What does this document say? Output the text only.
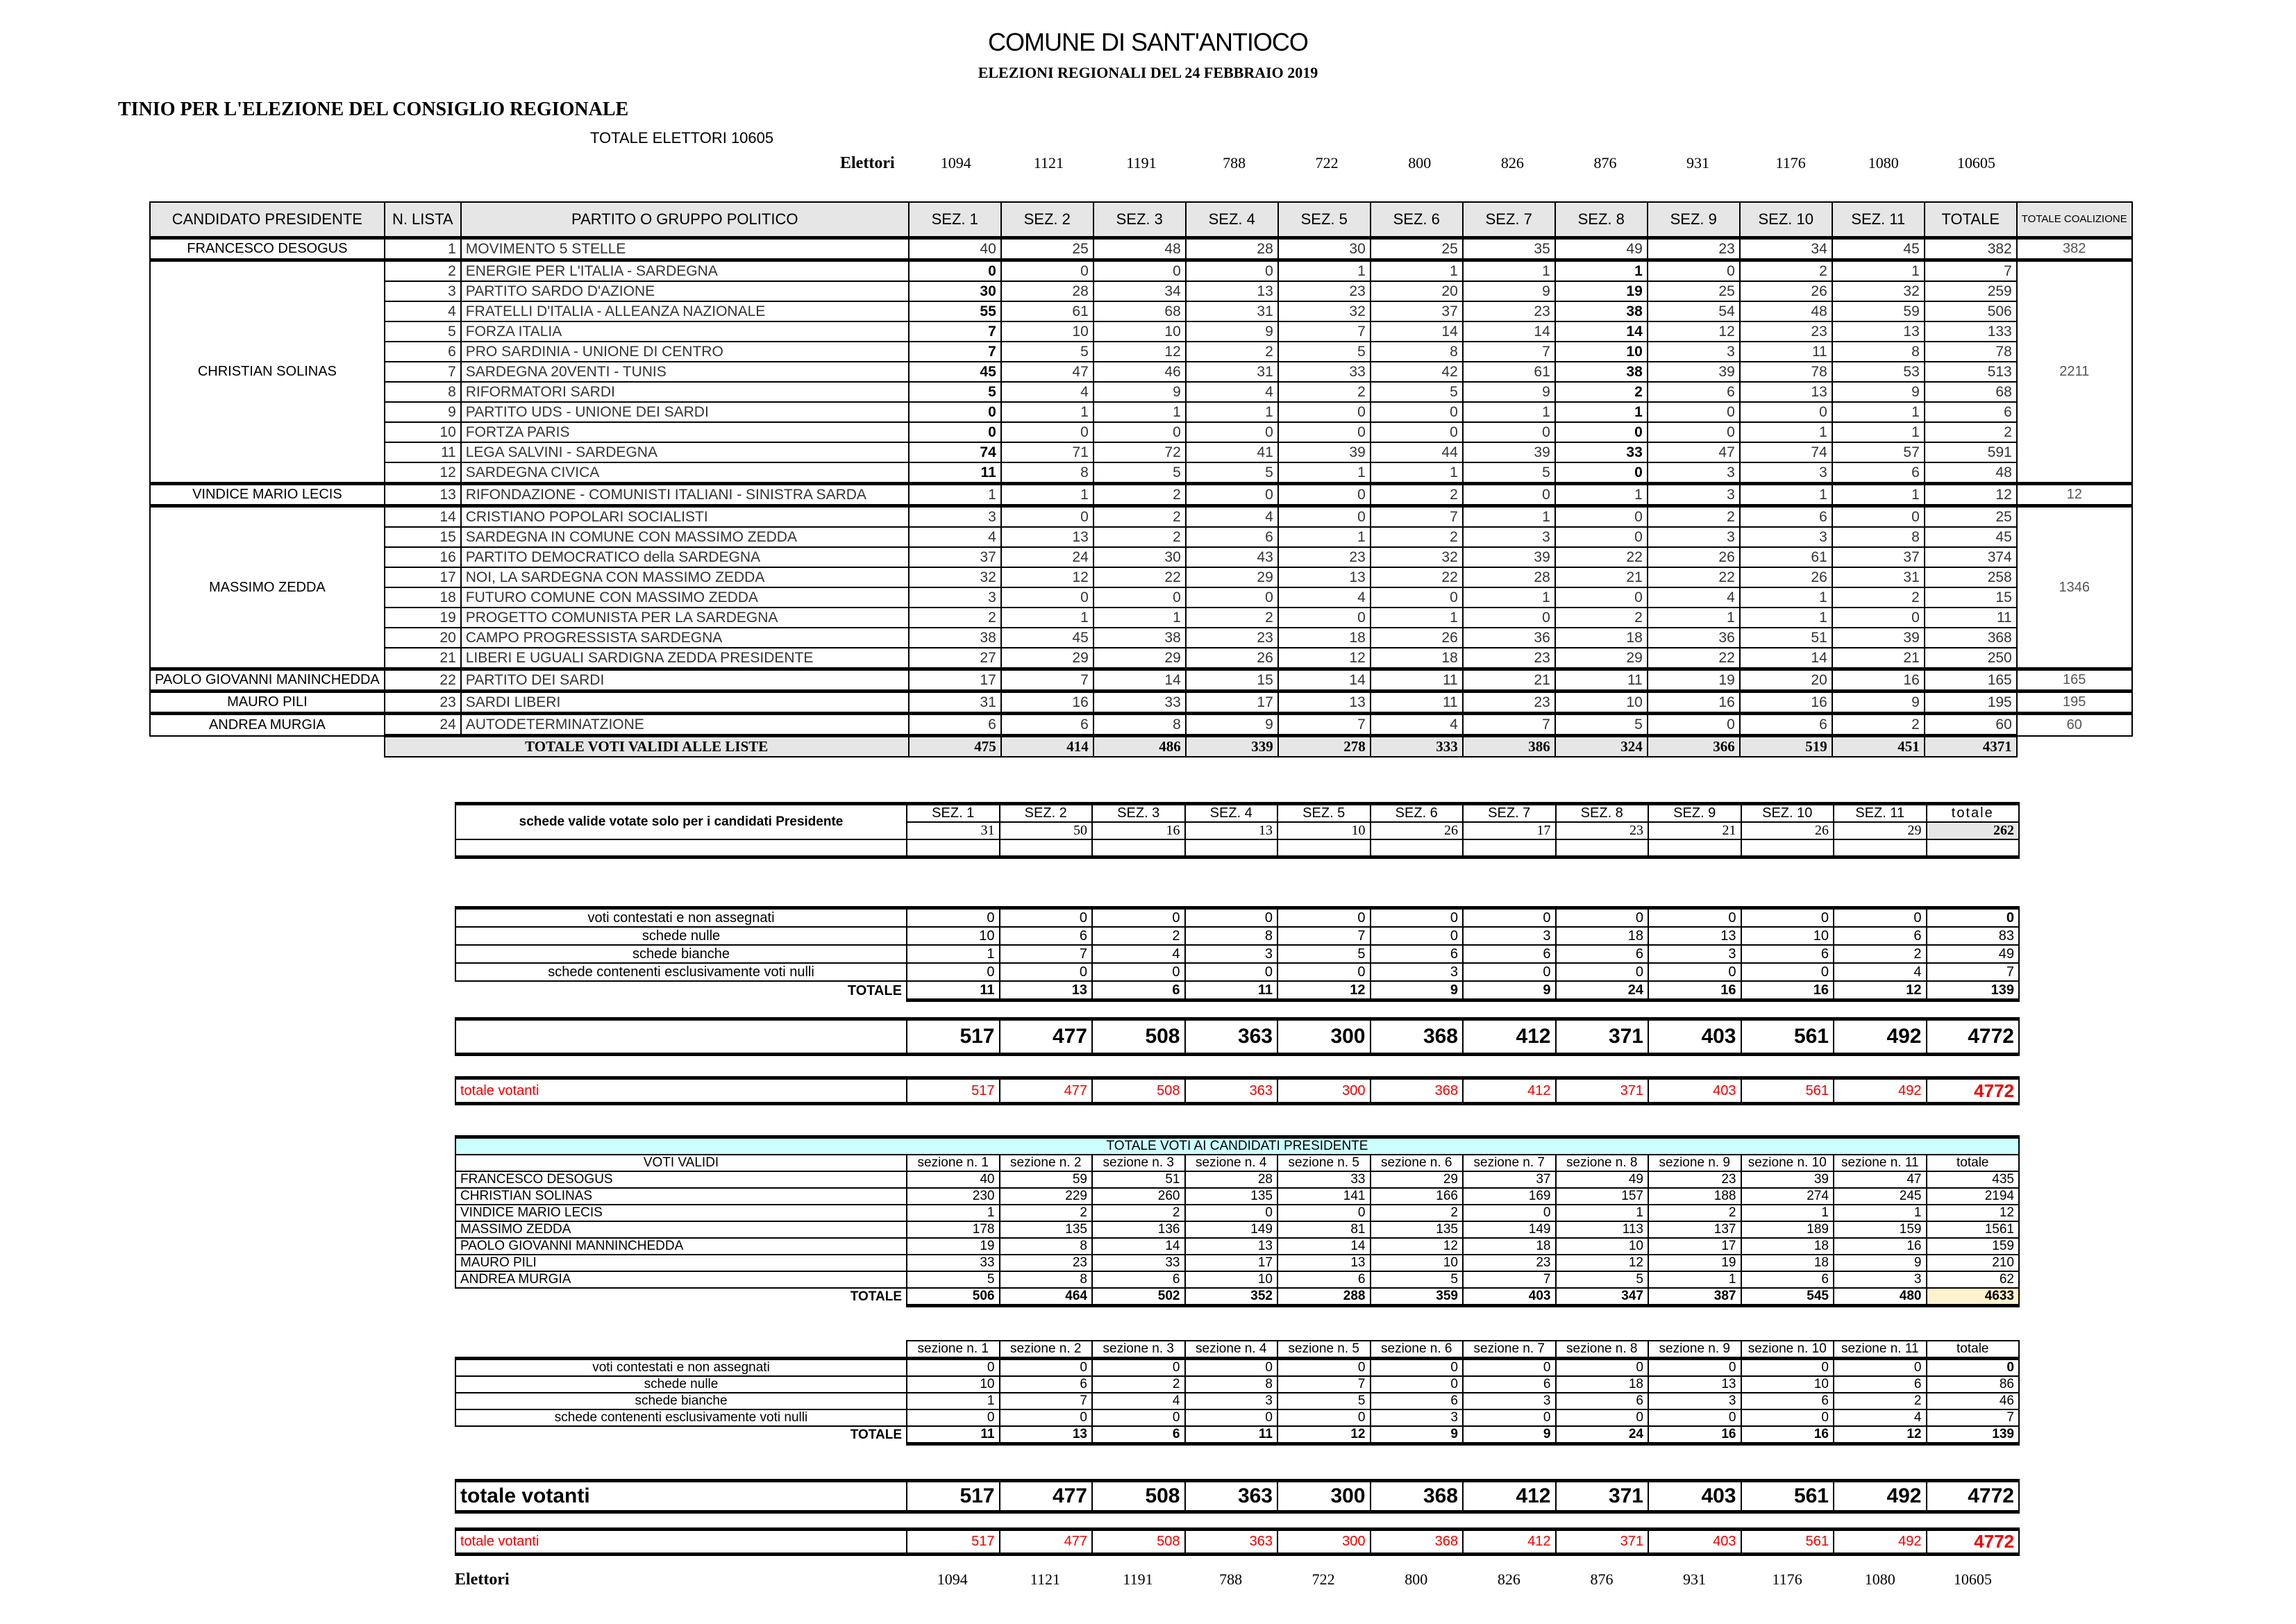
COMUNE DI SANT'ANTIOCO
ELEZIONI REGIONALI DEL 24 FEBBRAIO 2019
TINIO PER L'ELEZIONE DEL CONSIGLIO REGIONALE
TOTALE ELETTORI 10605
Elettori	1094	1121	1191	788	722	800	826	876	931	1176	1080	10605
CANDIDATO PRESIDENTE	N. LISTA	PARTITO O GRUPPO POLITICO	SEZ. 1	SEZ. 2	SEZ. 3	SEZ. 4	SEZ. 5	SEZ. 6	SEZ. 7	SEZ. 8	SEZ. 9	SEZ. 10	SEZ. 11	TOTALE	TOTALE COALIZIONE
FRANCESCO DESOGUS	1	MOVIMENTO 5 STELLE	40	25	48	28	30	25	35	49	23	34	45	382	382
CHRISTIAN SOLINAS	2	ENERGIE PER L'ITALIA - SARDEGNA	0	0	0	0	1	1	1	1	0	2	1	7	2211
	3	PARTITO SARDO D'AZIONE	30	28	34	13	23	20	9	19	25	26	32	259	
	4	FRATELLI D'ITALIA - ALLEANZA NAZIONALE	55	61	68	31	32	37	23	38	54	48	59	506	
	5	FORZA ITALIA	7	10	10	9	7	14	14	14	12	23	13	133	
	6	PRO SARDINIA - UNIONE DI CENTRO	7	5	12	2	5	8	7	10	3	11	8	78	
	7	SARDEGNA 20VENTI - TUNIS	45	47	46	31	33	42	61	38	39	78	53	513	
	8	RIFORMATORI SARDI	5	4	9	4	2	5	9	2	6	13	9	68	
	9	PARTITO UDS - UNIONE DEI SARDI	0	1	1	1	0	0	1	1	0	0	1	6	
	10	FORTZA PARIS	0	0	0	0	0	0	0	0	0	1	1	2	
	11	LEGA SALVINI - SARDEGNA	74	71	72	41	39	44	39	33	47	74	57	591	
	12	SARDEGNA CIVICA	11	8	5	5	1	1	5	0	3	3	6	48	
VINDICE MARIO LECIS	13	RIFONDAZIONE - COMUNISTI ITALIANI - SINISTRA SARDA	1	1	2	0	0	2	0	1	3	1	1	12	12
MASSIMO ZEDDA	14	CRISTIANO POPOLARI SOCIALISTI	3	0	2	4	0	7	1	0	2	6	0	25	1346
	15	SARDEGNA IN COMUNE CON MASSIMO ZEDDA	4	13	2	6	1	2	3	0	3	3	8	45	
	16	PARTITO DEMOCRATICO della SARDEGNA	37	24	30	43	23	32	39	22	26	61	37	374	
	17	NOI, LA SARDEGNA CON MASSIMO ZEDDA	32	12	22	29	13	22	28	21	22	26	31	258	
	18	FUTURO COMUNE CON MASSIMO ZEDDA	3	0	0	0	4	0	1	0	4	1	2	15	
	19	PROGETTO COMUNISTA PER LA SARDEGNA	2	1	1	2	0	1	0	2	1	1	0	11	
	20	CAMPO PROGRESSISTA SARDEGNA	38	45	38	23	18	26	36	18	36	51	39	368	
	21	LIBERI E UGUALI SARDIGNA ZEDDA PRESIDENTE	27	29	29	26	12	18	23	29	22	14	21	250	
PAOLO GIOVANNI MANINCHEDDA	22	PARTITO DEI SARDI	17	7	14	15	14	11	21	11	19	20	16	165	165
MAURO PILI	23	SARDI LIBERI	31	16	33	17	13	11	23	10	16	16	9	195	195
ANDREA MURGIA	24	AUTODETERMINATZIONE	6	6	8	9	7	4	7	5	0	6	2	60	60
	TOTALE VOTI VALIDI ALLE LISTE		475	414	486	339	278	333	386	324	366	519	451	4371	
schede valide votate solo per i candidati Presidente	SEZ. 1	SEZ. 2	SEZ. 3	SEZ. 4	SEZ. 5	SEZ. 6	SEZ. 7	SEZ. 8	SEZ. 9	SEZ. 10	SEZ. 11	totale
	31	50	16	13	10	26	17	23	21	26	29	262

voti contestati e non assegnati	0	0	0	0	0	0	0	0	0	0	0	0
schede nulle	10	6	2	8	7	0	3	18	13	10	6	83
schede bianche	1	7	4	3	5	6	6	6	3	6	2	49
schede contenenti esclusivamente voti nulli	0	0	0	0	0	3	0	0	0	0	4	7
TOTALE	11	13	6	11	12	9	9	24	16	16	12	139
	517	477	508	363	300	368	412	371	403	561	492	4772
totale votanti	517	477	508	363	300	368	412	371	403	561	492	4772
TOTALE VOTI AI CANDIDATI PRESIDENTE												
VOTI VALIDI	sezione n. 1	sezione n. 2	sezione n. 3	sezione n. 4	sezione n. 5	sezione n. 6	sezione n. 7	sezione n. 8	sezione n. 9	sezione n. 10	sezione n. 11	totale
FRANCESCO DESOGUS	40	59	51	28	33	29	37	49	23	39	47	435
CHRISTIAN SOLINAS	230	229	260	135	141	166	169	157	188	274	245	2194
VINDICE MARIO LECIS	1	2	2	0	0	2	0	1	2	1	1	12
MASSIMO ZEDDA	178	135	136	149	81	135	149	113	137	189	159	1561
PAOLO GIOVANNI MANNINCHEDDA	19	8	14	13	14	12	18	10	17	18	16	159
MAURO PILI	33	23	33	17	13	10	23	12	19	18	9	210
ANDREA MURGIA	5	8	6	10	6	5	7	5	1	6	3	62
TOTALE	506	464	502	352	288	359	403	347	387	545	480	4633
	sezione n. 1	sezione n. 2	sezione n. 3	sezione n. 4	sezione n. 5	sezione n. 6	sezione n. 7	sezione n. 8	sezione n. 9	sezione n. 10	sezione n. 11	totale
voti contestati e non assegnati	0	0	0	0	0	0	0	0	0	0	0	0
schede nulle	10	6	2	8	7	0	6	18	13	10	6	86
schede bianche	1	7	4	3	5	6	3	6	3	6	2	46
schede contenenti esclusivamente voti nulli	0	0	0	0	0	3	0	0	0	0	4	7
TOTALE	11	13	6	11	12	9	9	24	16	16	12	139
totale votanti	517	477	508	363	300	368	412	371	403	561	492	4772
totale votanti	517	477	508	363	300	368	412	371	403	561	492	4772
Elettori	1094	1121	1191	788	722	800	826	876	931	1176	1080	10605
